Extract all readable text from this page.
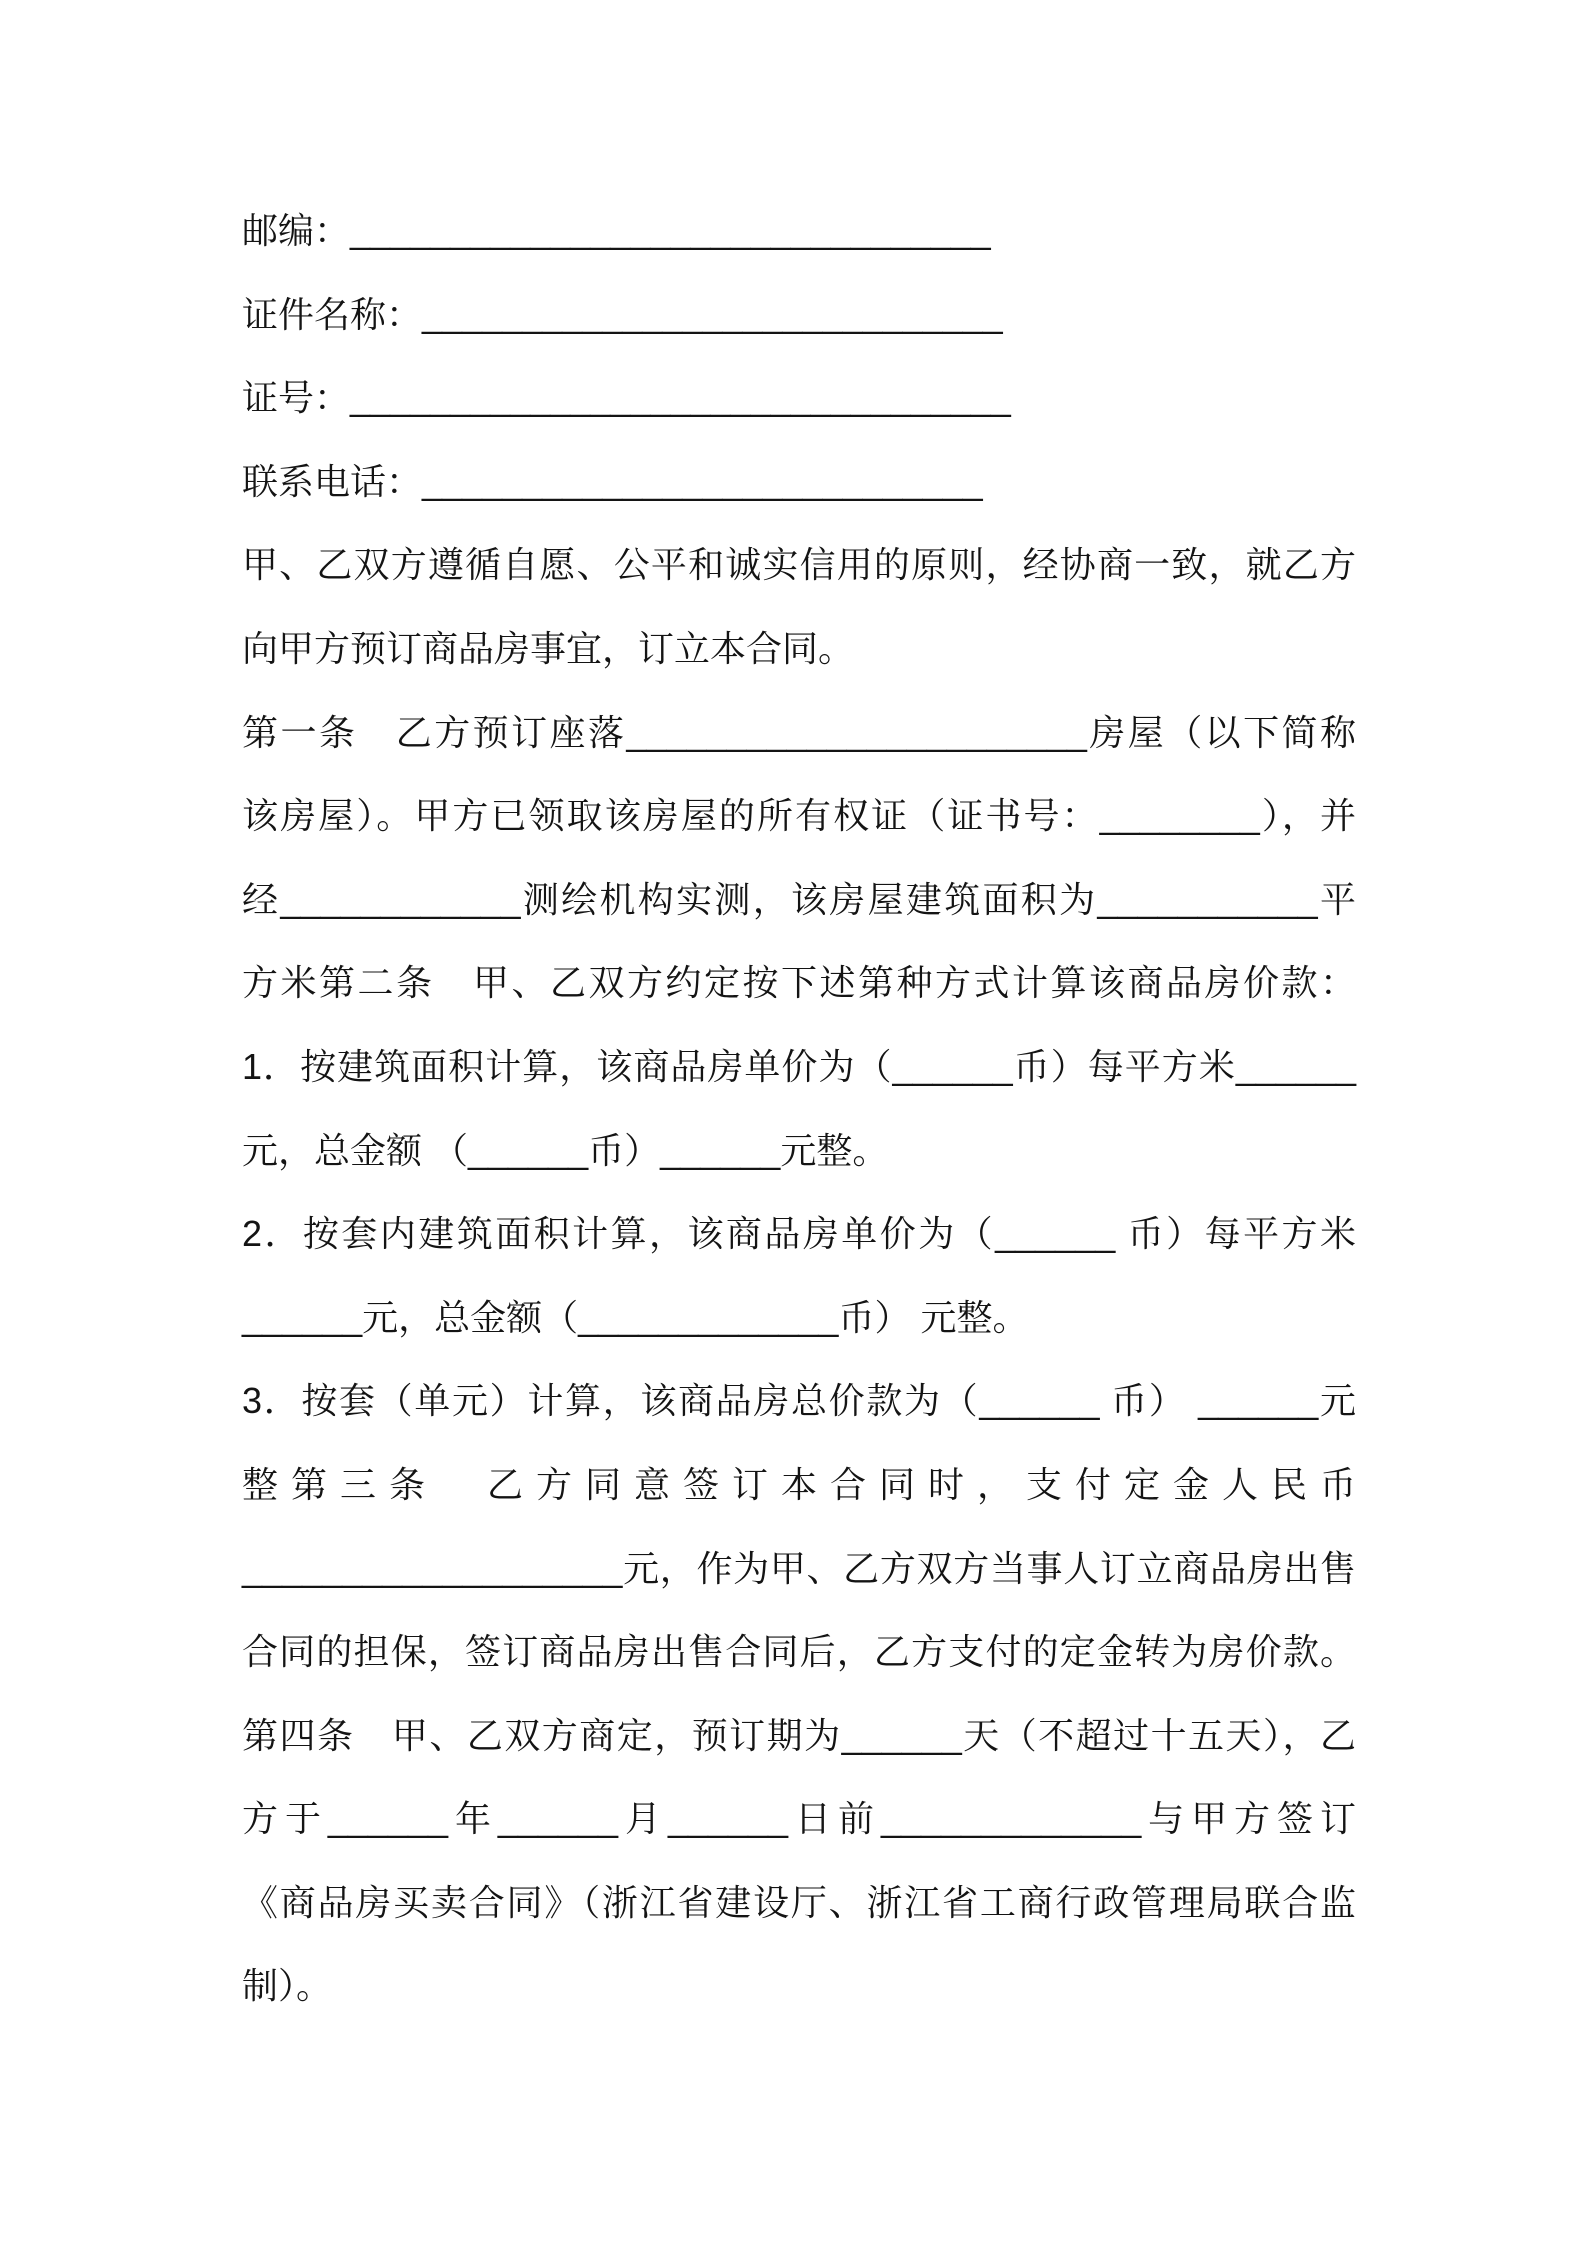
邮编：________________________________
证件名称：_____________________________
证号：_________________________________
联系电话：____________________________
甲、乙双方遵循自愿、公平和诚实信用的原则，经协商一致，就乙方
向甲方预订商品房事宜，订立本合同。
第一条　乙方预订座落_______________________房屋（以下简称
该房屋）。甲方已领取该房屋的所有权证（证书号：________），并
经____________测绘机构实测，该房屋建筑面积为___________平
方米第二条　甲、乙双方约定按下述第种方式计算该商品房价款：
1．按建筑面积计算，该商品房单价为（______币）每平方米______
元，总金额 （______币）______元整。
2．按套内建筑面积计算，该商品房单价为（______ 币）每平方米
______元，总金额（_____________币） 元整。
3．按套（单元）计算，该商品房总价款为（______ 币） ______元
整第三条　乙方同意签订本合同时，支付定金人民币
___________________元，作为甲、乙方双方当事人订立商品房出售
合同的担保，签订商品房出售合同后，乙方支付的定金转为房价款。
第四条　甲、乙双方商定，预订期为______天（不超过十五天），乙
方于______年______月______日前_____________与甲方签订
《商品房买卖合同》（浙江省建设厅、浙江省工商行政管理局联合监
制）。
